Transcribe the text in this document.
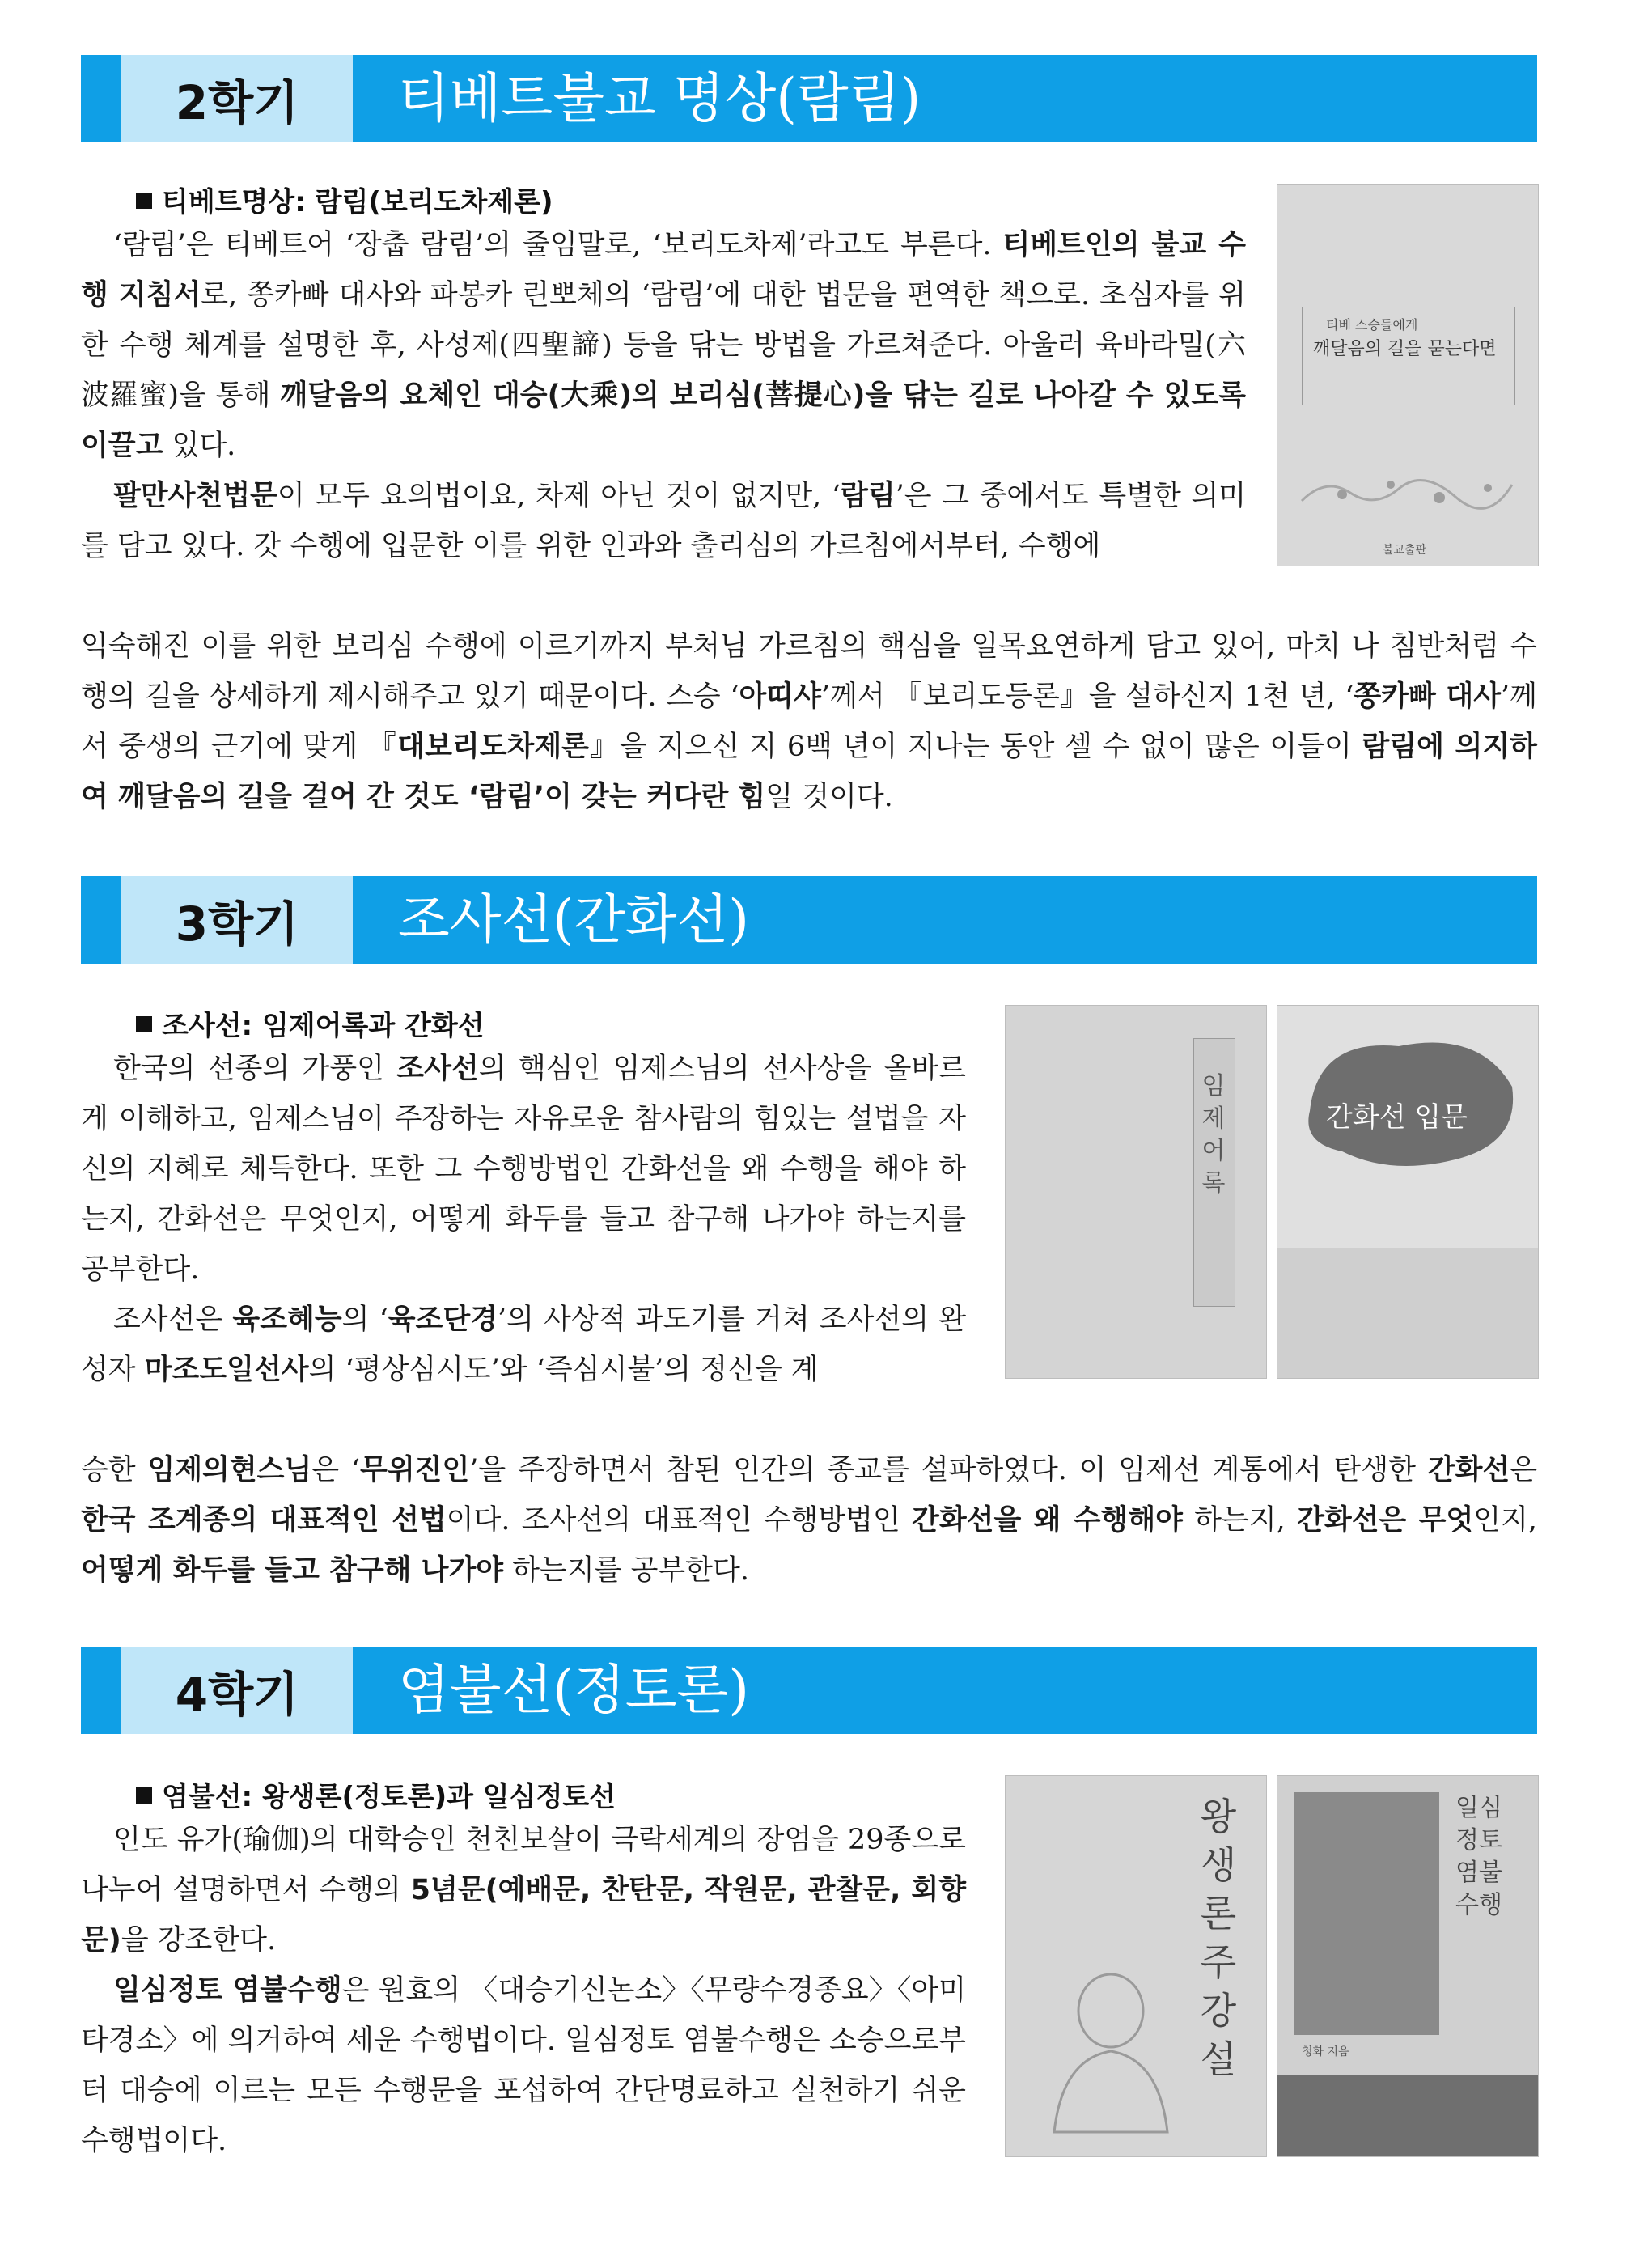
2학기	티베트불교 명상(람림)
티베트명상: 람림(보리도차제론)

‘람림’은 티베트어 ‘장춥 람림’의 줄임말로, ‘보리도차제’라고도 부른다. 티베트인의 불교 수행 지침서로, 쫑카빠 대사와 파봉카 린뽀체의 ‘람림’에 대한 법문을 편역한 책으로. 초심자를 위한 수행 체계를 설명한 후, 사성제(四聖諦) 등을 닦는 방법을 가르쳐준다. 아울러 육바라밀(六波羅蜜)을 통해 깨달음의 요체인 대승(大乘)의 보리심(菩提心)을 닦는 길로 나아갈 수 있도록 이끌고 있다.

팔만사천법문이 모두 요의법이요, 차제 아닌 것이 없지만, ‘람림’은 그 중에서도 특별한 의미를 담고 있다. 갓 수행에 입문한 이를 위한 인과와 출리심의 가르침에서부터, 수행에

익숙해진 이를 위한 보리심 수행에 이르기까지 부처님 가르침의 핵심을 일목요연하게 담고 있어, 마치 나 침반처럼 수행의 길을 상세하게 제시해주고 있기 때문이다. 스승 ‘아띠샤’께서 『보리도등론』을 설하신지 1천 년, ‘쫑카빠 대사’께서 중생의 근기에 맞게 『대보리도차제론』을 지으신 지 6백 년이 지나는 동안 셀 수 없이 많은 이들이 람림에 의지하여 깨달음의 길을 걸어 간 것도 ‘람림’이 갖는 커다란 힘일 것이다.

티베 스승들에게
깨달음의 길을 묻는다면
불교출판
3학기	조사선(간화선)
조사선: 임제어록과 간화선

한국의 선종의 가풍인 조사선의 핵심인 임제스님의 선사상을 올바르게 이해하고, 임제스님이 주장하는 자유로운 참사람의 힘있는 설법을 자신의 지혜로 체득한다. 또한 그 수행방법인 간화선을 왜 수행을 해야 하는지, 간화선은 무엇인지, 어떻게 화두를 들고 참구해 나가야 하는지를 공부한다.

조사선은 육조혜능의 ‘육조단경’의 사상적 과도기를 거쳐 조사선의 완성자 마조도일선사의 ‘평상심시도’와 ‘즉심시불’의 정신을 계

승한 임제의현스님은 ‘무위진인’을 주장하면서 참된 인간의 종교를 설파하였다. 이 임제선 계통에서 탄생한 간화선은 한국 조계종의 대표적인 선법이다. 조사선의 대표적인 수행방법인 간화선을 왜 수행해야 하는지, 간화선은 무엇인지, 어떻게 화두를 들고 참구해 나가야 하는지를 공부한다.

임제어록
간화선 입문
4학기	염불선(정토론)
염불선: 왕생론(정토론)과 일심정토선

인도 유가(瑜伽)의 대학승인 천친보살이 극락세계의 장엄을 29종으로 나누어 설명하면서 수행의 5념문(예배문, 찬탄문, 작원문, 관찰문, 회향문)을 강조한다.

일심정토 염불수행은 원효의 〈대승기신논소〉〈무량수경종요〉〈아미타경소〉에 의거하여 세운 수행법이다. 일심정토 염불수행은 소승으로부터 대승에 이르는 모든 수행문을 포섭하여 간단명료하고 실천하기 쉬운 수행법이다.

왕생론주 강설
일심정토 염불수행
청화 지음
